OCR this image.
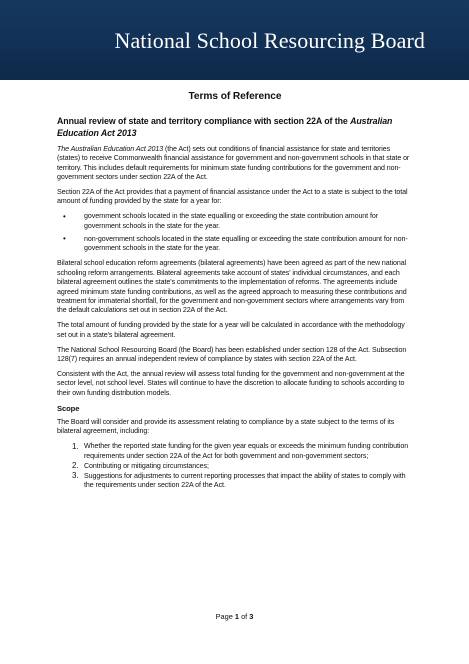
National School Resourcing Board
Terms of Reference
Annual review of state and territory compliance with section 22A of the Australian Education Act 2013

The Australian Education Act 2013 (the Act) sets out conditions of financial assistance for state and territories (states) to receive Commonwealth financial assistance for government and non-government schools in that state or territory. This includes default requirements for minimum state funding contributions for the government and non-government sectors under section 22A of the Act.

Section 22A of the Act provides that a payment of financial assistance under the Act to a state is subject to the total amount of funding provided by the state for a year for:

•	government schools located in the state equalling or exceeding the state contribution amount for government schools in the state for the year.
•	non-government schools located in the state equalling or exceeding the state contribution amount for non-government schools in the state for the year.

Bilateral school education reform agreements (bilateral agreements) have been agreed as part of the new national schooling reform arrangements. Bilateral agreements take account of states' individual circumstances, and each bilateral agreement outlines the state's commitments to the implementation of reforms. The agreements include agreed minimum state funding contributions, as well as the agreed approach to measuring these contributions and treatment for immaterial shortfall, for the government and non-government sectors where arrangements vary from the default calculations set out in section 22A of the Act.

The total amount of funding provided by the state for a year will be calculated in accordance with the methodology set out in a state's bilateral agreement.

The National School Resourcing Board (the Board) has been established under section 128 of the Act. Subsection 128(7) requires an annual independent review of compliance by states with section 22A of the Act.

Consistent with the Act, the annual review will assess total funding for the government and non-government at the sector level, not school level. States will continue to have the discretion to allocate funding to schools according to their own funding distribution models.

Scope

The Board will consider and provide its assessment relating to compliance by a state subject to the terms of its bilateral agreement, including:

1. Whether the reported state funding for the given year equals or exceeds the minimum funding contribution requirements under section 22A of the Act for both government and non-government sectors;
2. Contributing or mitigating circumstances;
3. Suggestions for adjustments to current reporting processes that impact the ability of states to comply with the requirements under section 22A of the Act.
Page 1 of 3
